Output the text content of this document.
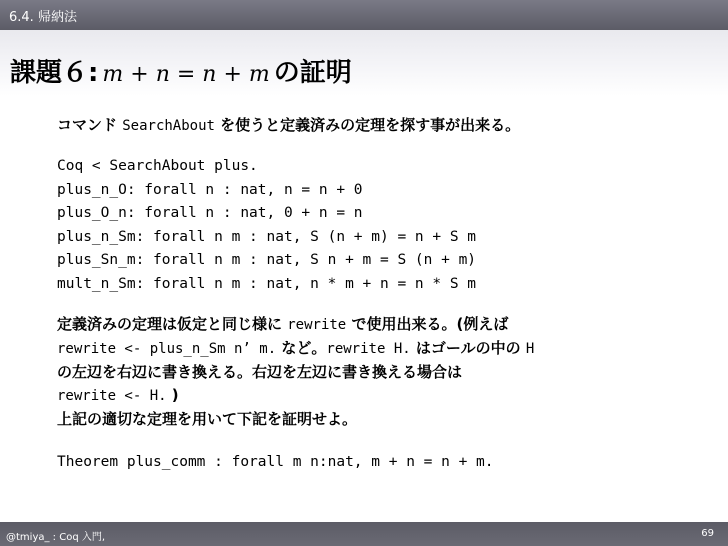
6.4. 帰納法
課題６: m + n = n + m の証明
コマンド SearchAbout を使うと定義済みの定理を探す事が出来る。
Coq < SearchAbout plus.
plus_n_O: forall n : nat, n = n + 0
plus_O_n: forall n : nat, 0 + n = n
plus_n_Sm: forall n m : nat, S (n + m) = n + S m
plus_Sn_m: forall n m : nat, S n + m = S (n + m)
mult_n_Sm: forall n m : nat, n * m + n = n * S m
定義済みの定理は仮定と同じ様に rewrite で使用出来る。(例えば
rewrite <- plus_n_Sm n’ m. など。rewrite H. はゴールの中の H
の左辺を右辺に書き換える。右辺を左辺に書き換える場合は
rewrite <- H. )
上記の適切な定理を用いて下記を証明せよ。
Theorem plus_comm : forall m n:nat, m + n = n + m.
@tmiya_ : Coq 入門,	69
